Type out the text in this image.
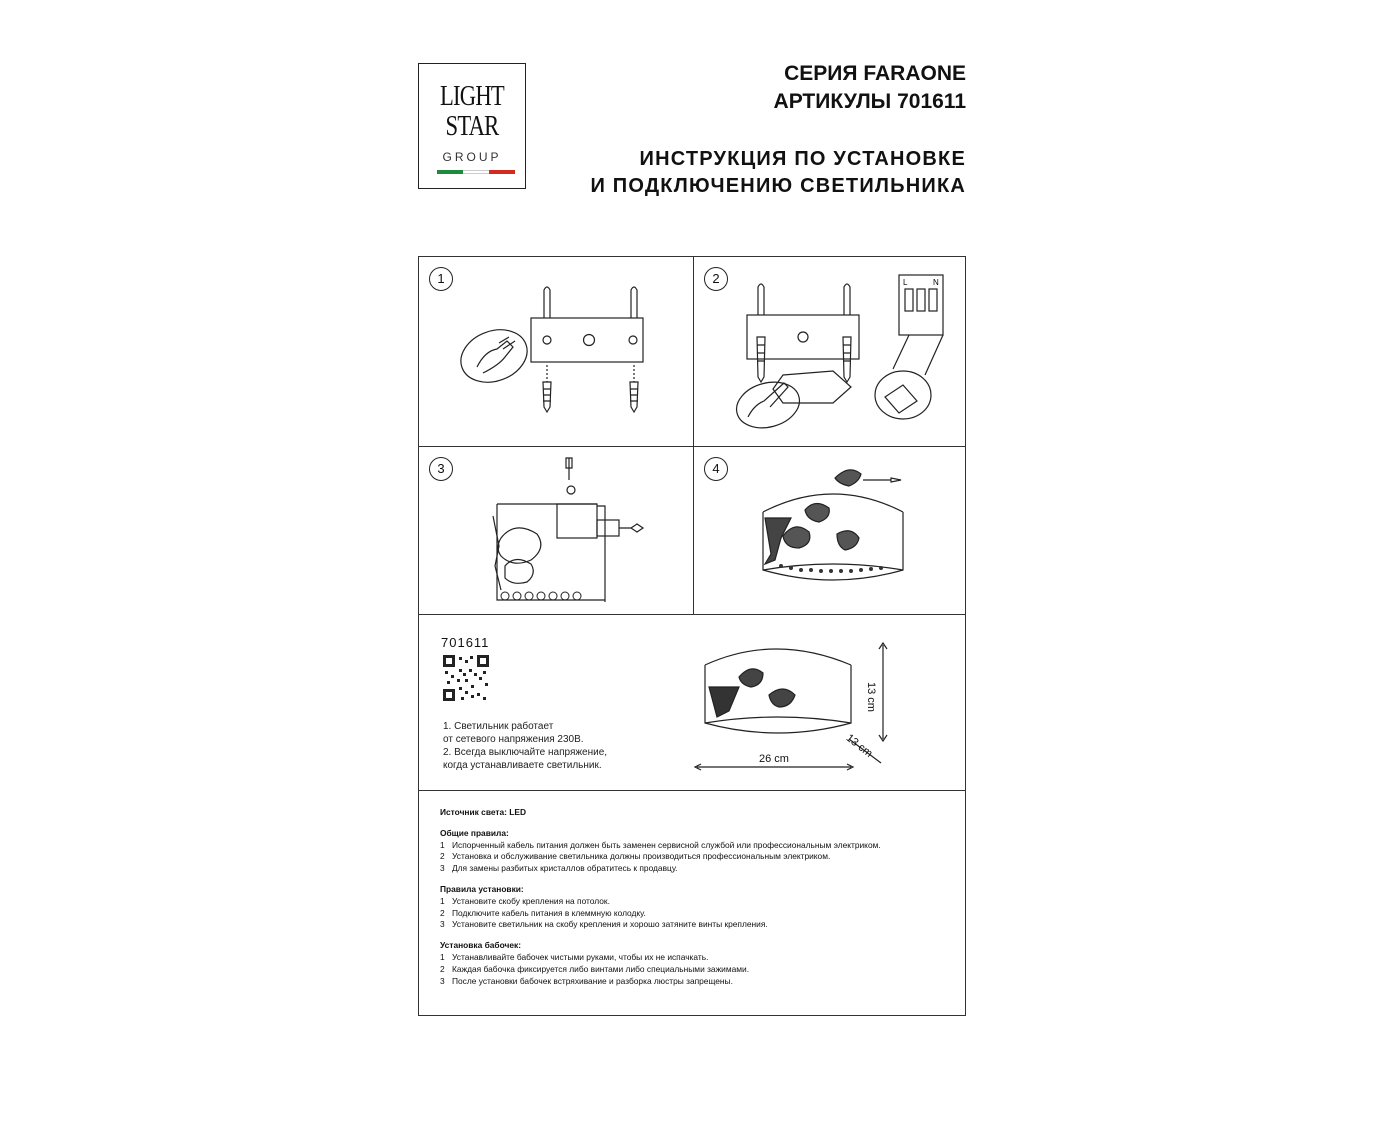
LIGHT
STAR
GROUP
СЕРИЯ FARAONE
АРТИКУЛЫ 701611
ИНСТРУКЦИЯ ПО УСТАНОВКЕ
И ПОДКЛЮЧЕНИЮ СВЕТИЛЬНИКА
1	2	L	N
3	4
701611
1. Светильник работает
от сетевого напряжения 230В.
2. Всегда выключайте напряжение,
когда устанавливаете светильник.
26 cm
13 cm
13 cm
Источник света: LED
Общие правила:
1 Испорченный кабель питания должен быть заменен сервисной службой или профессиональным электриком.
2 Установка и обслуживание светильника должны производиться профессиональным электриком.
3 Для замены разбитых кристаллов обратитесь к продавцу.
Правила установки:
1 Установите скобу крепления на потолок.
2 Подключите кабель питания в клеммную колодку.
3 Установите светильник на скобу крепления и хорошо затяните винты крепления.
Установка бабочек:
1 Устанавливайте бабочек чистыми руками, чтобы их не испачкать.
2 Каждая бабочка фиксируется либо винтами либо специальными зажимами.
3 После установки бабочек встряхивание и разборка люстры запрещены.
